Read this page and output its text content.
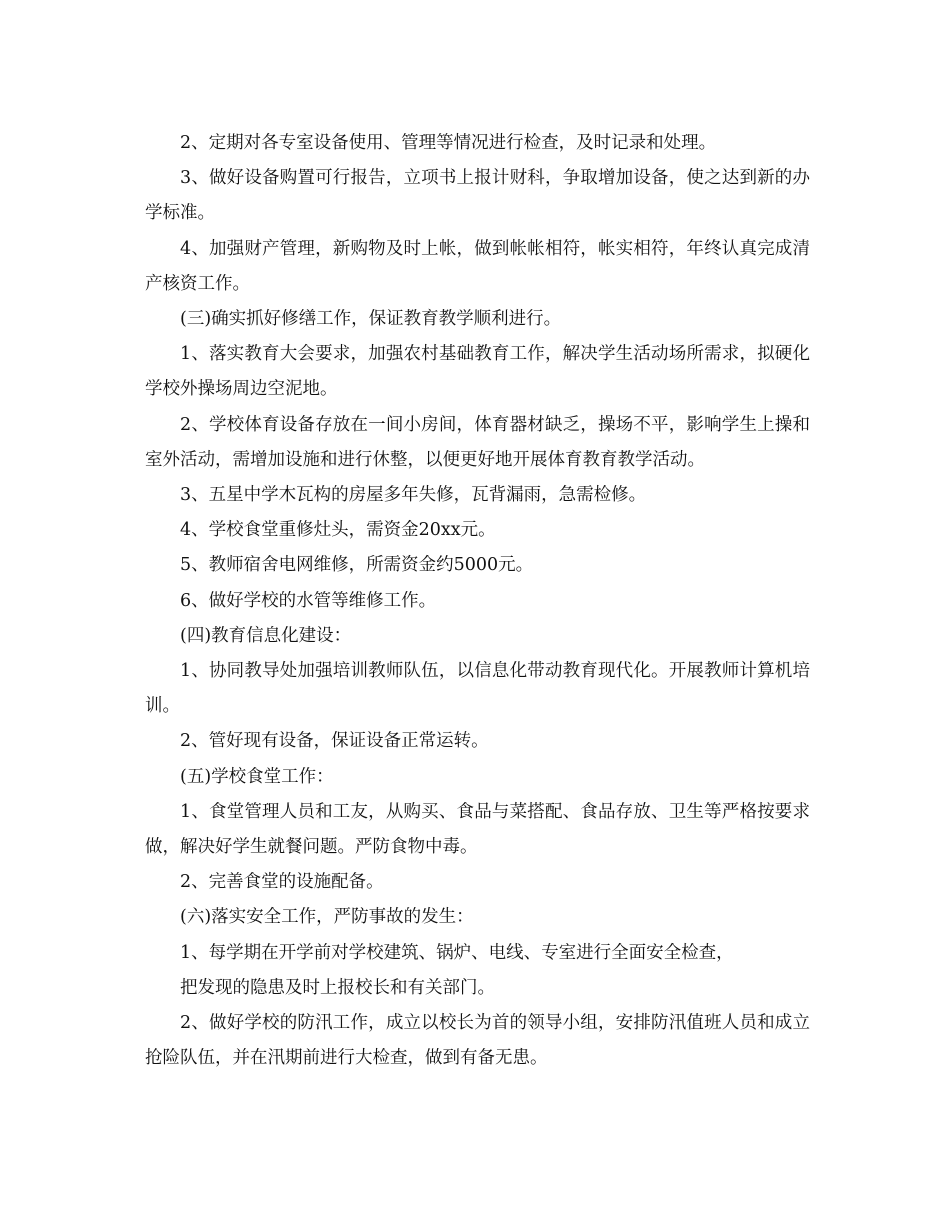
2、定期对各专室设备使用、管理等情况进行检查，及时记录和处理。

3、做好设备购置可行报告，立项书上报计财科，争取增加设备，使之达到新的办学标准。

4、加强财产管理，新购物及时上帐，做到帐帐相符，帐实相符，年终认真完成清产核资工作。

(三)确实抓好修缮工作，保证教育教学顺利进行。

1、落实教育大会要求，加强农村基础教育工作，解决学生活动场所需求，拟硬化学校外操场周边空泥地。

2、学校体育设备存放在一间小房间，体育器材缺乏，操场不平，影响学生上操和室外活动，需增加设施和进行休整，以便更好地开展体育教育教学活动。

3、五星中学木瓦构的房屋多年失修，瓦背漏雨，急需检修。

4、学校食堂重修灶头，需资金20xx元。

5、教师宿舍电网维修，所需资金约5000元。

6、做好学校的水管等维修工作。

(四)教育信息化建设：

1、协同教导处加强培训教师队伍，以信息化带动教育现代化。开展教师计算机培训。

2、管好现有设备，保证设备正常运转。

(五)学校食堂工作：

1、食堂管理人员和工友，从购买、食品与菜搭配、食品存放、卫生等严格按要求做，解决好学生就餐问题。严防食物中毒。

2、完善食堂的设施配备。

(六)落实安全工作，严防事故的发生：

1、每学期在开学前对学校建筑、锅炉、电线、专室进行全面安全检查，

把发现的隐患及时上报校长和有关部门。

2、做好学校的防汛工作，成立以校长为首的领导小组，安排防汛值班人员和成立抢险队伍，并在汛期前进行大检查，做到有备无患。
